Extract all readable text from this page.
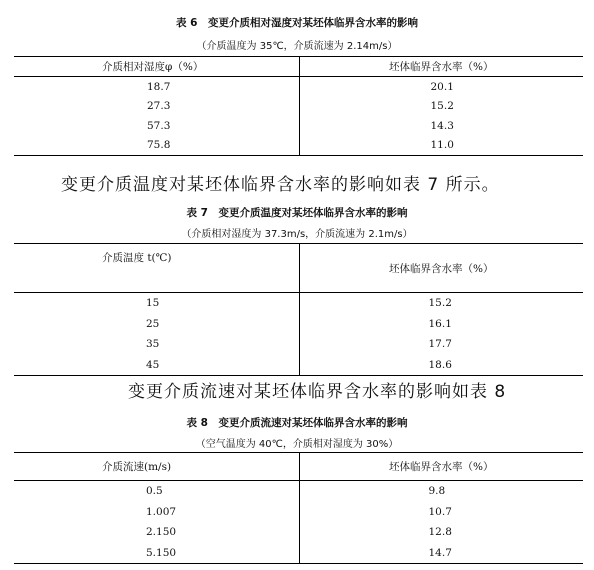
表 6　变更介质相对湿度对某坯体临界含水率的影响
（介质温度为 35℃，介质流速为 2.14m/s）
介质相对湿度φ（%）	坯体临界含水率（%）
18.7	20.1
27.3	15.2
57.3	14.3
75.8	11.0
变更介质温度对某坯体临界含水率的影响如表 7 所示。
表 7　变更介质温度对某坯体临界含水率的影响
（介质相对湿度为 37.3m/s，介质流速为 2.1m/s）
介质温度 t(℃)	坯体临界含水率（%）
15	15.2
25	16.1
35	17.7
45	18.6
变更介质流速对某坯体临界含水率的影响如表 8
表 8　变更介质流速对某坯体临界含水率的影响
（空气温度为 40℃，介质相对湿度为 30%）
介质流速(m/s)	坯体临界含水率（%）
0.5	9.8
1.007	10.7
2.150	12.8
5.150	14.7
